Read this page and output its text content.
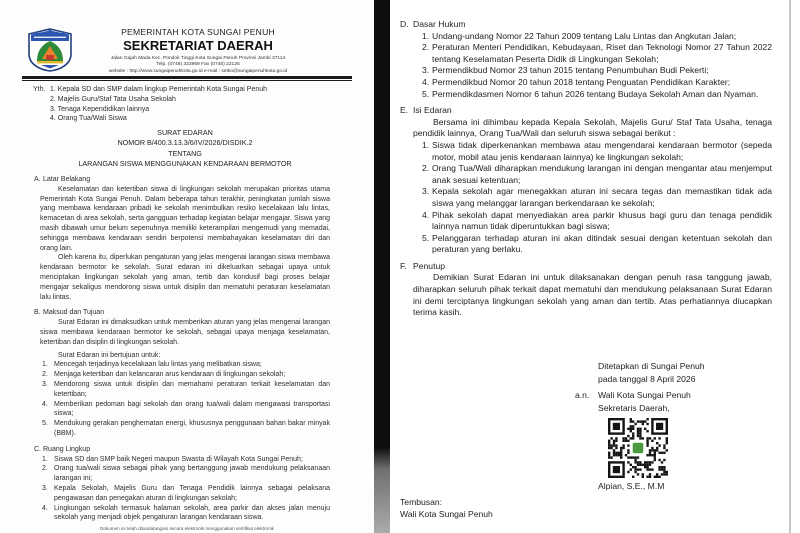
PEMERINTAH KOTA SUNGAI PENUH
SEKRETARIAT DAERAH
Jalan Gajah Mada Kec. Pondok Tinggi Kota Sungai Penuh Provinsi Jambi 37114
Telp. (0748) 323969 Fax (0748) 22126
website : http://www.sungaipenuhkota.go.id e-mail : setko@sungaipenuhkota.go.id
Yth. 1. Kepala SD dan SMP dalam lingkup Pemerintah Kota Sungai Penuh
2. Majelis Guru/Staf Tata Usaha Sekolah
3. Tenaga Kependidikan lainnya
4. Orang Tua/Wali Siswa
SURAT EDARAN
NOMOR B/400.3.13.3/6/IV/2026/DISDIK.2
TENTANG
LARANGAN SISWA MENGGUNAKAN KENDARAAN BERMOTOR
A. Latar Belakang

Keselamatan dan ketertiban siswa di lingkungan sekolah merupakan prioritas utama Pemerintah Kota Sungai Penuh. Dalam beberapa tahun terakhir, peningkatan jumlah siswa yang membawa kendaraan pribadi ke sekolah menimbulkan resiko kecelakaan lalu lintas, kemacetan di area sekolah, serta gangguan terhadap kegiatan belajar mengajar. Siswa yang masih dibawah umur belum sepenuhnya memiliki keterampilan mengemudi yang memadai, sehingga membawa kendaraan sendiri berpotensi membahayakan keselamatan diri dan orang lain.

Oleh karena itu, diperlukan pengaturan yang jelas mengenai larangan siswa membawa kendaraan bermotor ke sekolah. Surat edaran ini dikeluarkan sebagai upaya untuk menciptakan lingkungan sekolah yang aman, tertib dan kondusif bagi proses belajar mengajar sekaligus mendorong siswa untuk disiplin dan mematuhi peraturan keselamatan lalu lintas.

B. Maksud dan Tujuan

Surat Edaran ini dimaksudkan untuk memberikan aturan yang jelas mengenai larangan siswa membawa kendaraan bermotor ke sekolah, sebagai upaya menjaga keselamatan, ketertiban dan disiplin di lingkungan sekolah.

Surat Edaran ini bertujuan untuk:
1. Mencegah terjadinya kecelakaan lalu lintas yang melibatkan siswa;
2. Menjaga ketertiban dan kelancaran arus kendaraan di lingkungan sekolah;
3. Mendorong siswa untuk disiplin dan memahami peraturan terkait keselamatan dan ketertiban;
4. Memberikan pedoman bagi sekolah dan orang tua/wali dalam mengawasi transportasi siswa;
5. Mendukung gerakan penghematan energi, khususnya penggunaan bahan bakar minyak (BBM).
C. Ruang Lingkup
1. Siswa SD dan SMP baik Negeri maupun Swasta di Wilayah Kota Sungai Penuh;
2. Orang tua/wali siswa sebagai pihak yang bertanggung jawab mendukung pelaksanaan larangan ini;
3. Kepala Sekolah, Majelis Guru dan Tenaga Pendidik lainnya sebagai pelaksana pengawasan dan penegakan aturan di lingkungan sekolah;
4. Lingkungan sekolah termasuk halaman sekolah, area parkir dan akses jalan menuju sekolah yang menjadi objek pengaturan larangan kendaraan siswa.
Dokumen ini telah ditandatangani secara elektronik menggunakan sertifikat elektronik
D. Dasar Hukum
1. Undang-undang Nomor 22 Tahun 2009 tentang Lalu Lintas dan Angkutan Jalan;
2. Peraturan Menteri Pendidikan, Kebudayaan, Riset dan Teknologi Nomor 27 Tahun 2022 tentang Keselamatan Peserta Didik di Lingkungan Sekolah;
3. Permendikbud Nomor 23 tahun 2015 tentang Penumbuhan Budi Pekerti;
4. Permendikbud Nomor 20 tahun 2018 tentang Penguatan Pendidikan Karakter;
5. Permendikdasmen Nomor 6 tahun 2026 tentang Budaya Sekolah Aman dan Nyaman.
E. Isi Edaran

Bersama ini dihimbau kepada Kepala Sekolah, Majelis Guru/ Staf Tata Usaha, tenaga pendidik lainnya, Orang Tua/Wali dan seluruh siswa sebagai berikut :

1. Siswa tidak diperkenankan membawa atau mengendarai kendaraan bermotor (sepeda motor, mobil atau jenis kendaraan lainnya) ke lingkungan sekolah;
2. Orang Tua/Wali diharapkan mendukung larangan ini dengan mengantar atau menjemput anak sesuai ketentuan;
3. Kepala sekolah agar menegakkan aturan ini secara tegas dan memastikan tidak ada siswa yang melanggar larangan berkendaraan ke sekolah;
4. Pihak sekolah dapat menyediakan area parkir khusus bagi guru dan tenaga pendidik lainnya namun tidak diperuntukkan bagi siswa;
5. Pelanggaran terhadap aturan ini akan ditindak sesuai dengan ketentuan sekolah dan peraturan yang berlaku.
F. Penutup

Demikian Surat Edaran ini untuk dilaksanakan dengan penuh rasa tanggung jawab, diharapkan seluruh pihak terkait dapat mematuhi dan mendukung pelaksanaan Surat Edaran ini demi terciptanya lingkungan sekolah yang aman dan tertib. Atas perhatiannya diucapkan terima kasih.

Ditetapkan di Sungai Penuh
pada tanggal 8 April 2026
a.n.	Wali Kota Sungai Penuh
Sekretaris Daerah,
Alpian, S.E., M.M
Tembusan:
Wali Kota Sungai Penuh
